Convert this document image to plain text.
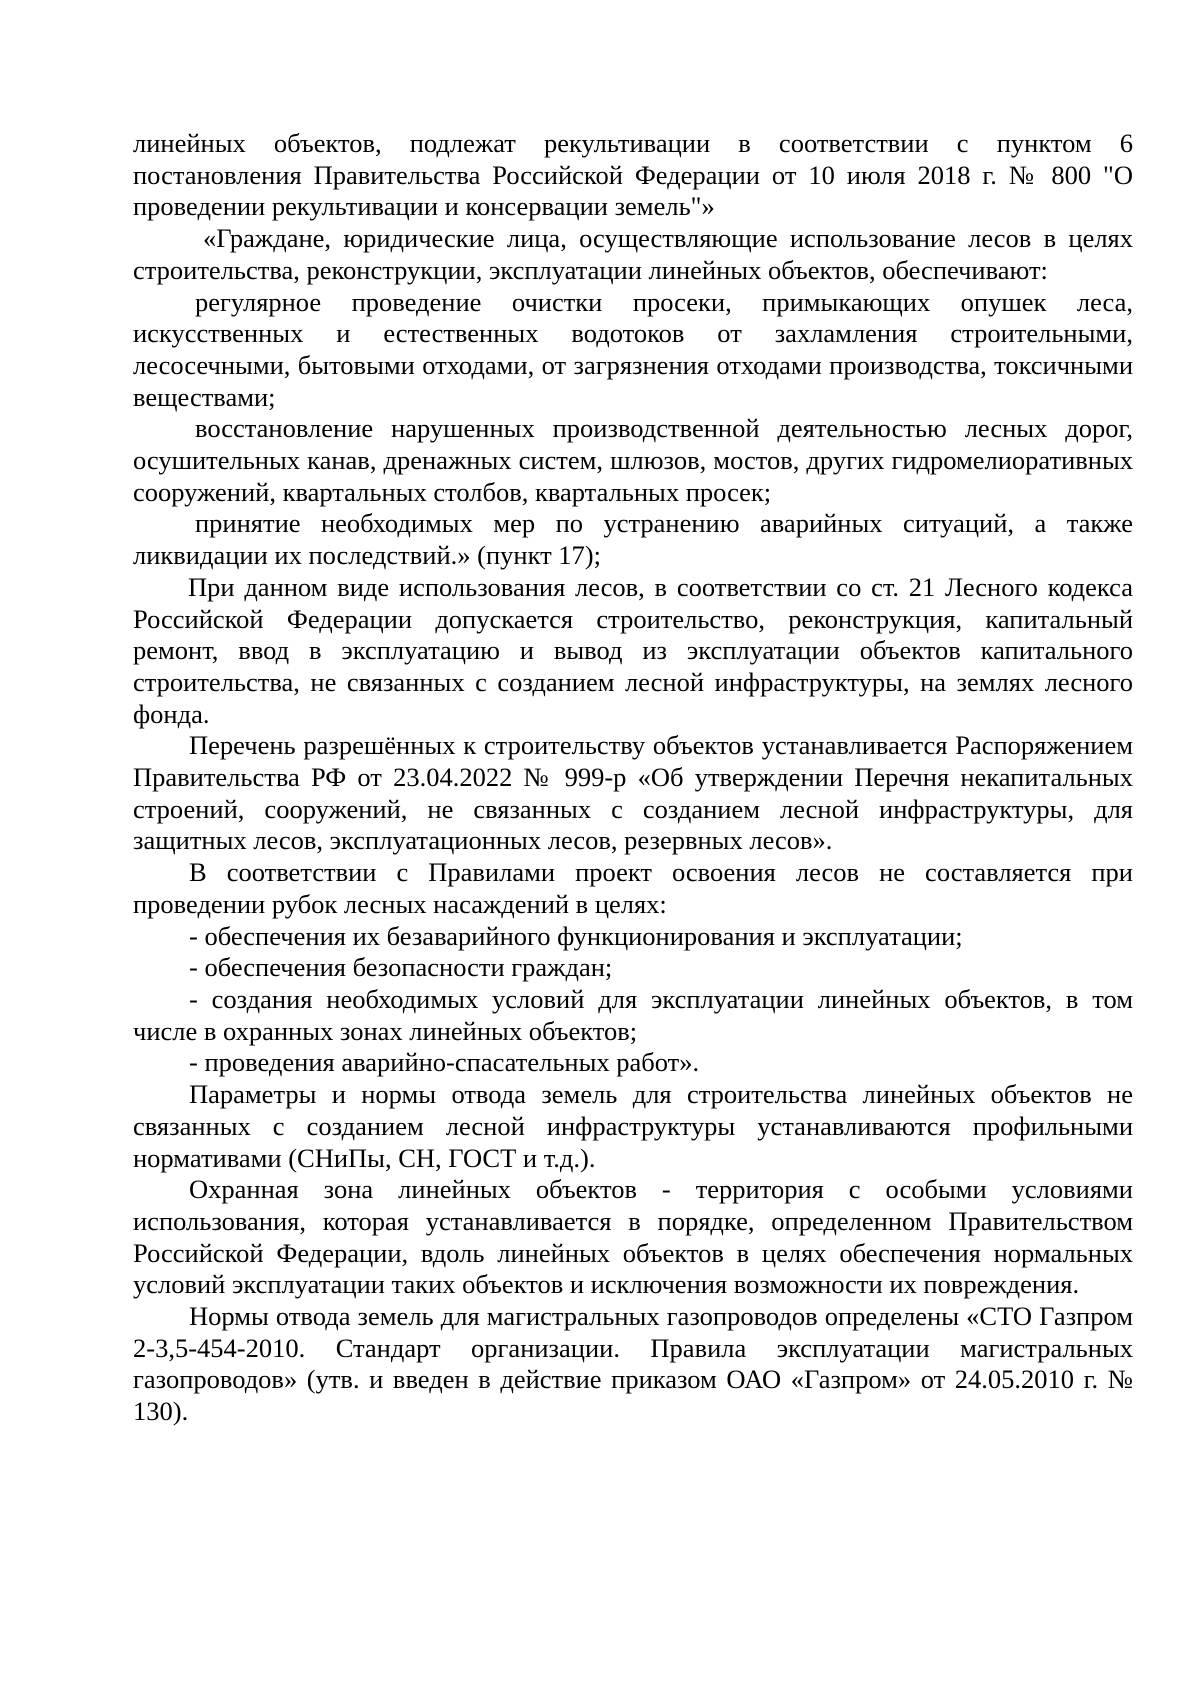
линейных объектов, подлежат рекультивации в соответствии с пунктом 6 постановления Правительства Российской Федерации от 10 июля 2018 г. № 800 "О проведении рекультивации и консервации земель"»

«Граждане, юридические лица, осуществляющие использование лесов в целях строительства, реконструкции, эксплуатации линейных объектов, обеспечивают:

регулярное проведение очистки просеки, примыкающих опушек леса, искусственных и естественных водотоков от захламления строительными, лесосечными, бытовыми отходами, от загрязнения отходами производства, токсичными веществами;

восстановление нарушенных производственной деятельностью лесных дорог, осушительных канав, дренажных систем, шлюзов, мостов, других гидромелиоративных сооружений, квартальных столбов, квартальных просек;

принятие необходимых мер по устранению аварийных ситуаций, а также ликвидации их последствий.» (пункт 17);

При данном виде использования лесов, в соответствии со ст. 21 Лесного кодекса Российской Федерации допускается строительство, реконструкция, капитальный ремонт, ввод в эксплуатацию и вывод из эксплуатации объектов капитального строительства, не связанных с созданием лесной инфраструктуры, на землях лесного фонда.

Перечень разрешённых к строительству объектов устанавливается Распоряжением Правительства РФ от 23.04.2022 № 999-р «Об утверждении Перечня некапитальных строений, сооружений, не связанных с созданием лесной инфраструктуры, для защитных лесов, эксплуатационных лесов, резервных лесов».

В соответствии с Правилами проект освоения лесов не составляется при проведении рубок лесных насаждений в целях:

- обеспечения их безаварийного функционирования и эксплуатации;

- обеспечения безопасности граждан;

- создания необходимых условий для эксплуатации линейных объектов, в том числе в охранных зонах линейных объектов;

- проведения аварийно-спасательных работ».

Параметры и нормы отвода земель для строительства линейных объектов не связанных с созданием лесной инфраструктуры устанавливаются профильными нормативами (СНиПы, СН, ГОСТ и т.д.).

Охранная зона линейных объектов - территория с особыми условиями использования, которая устанавливается в порядке, определенном Правительством Российской Федерации, вдоль линейных объектов в целях обеспечения нормальных условий эксплуатации таких объектов и исключения возможности их повреждения.

Нормы отвода земель для магистральных газопроводов определены «СТО Газпром 2-3,5-454-2010. Стандарт организации. Правила эксплуатации магистральных газопроводов» (утв. и введен в действие приказом ОАО «Газпром» от 24.05.2010 г. № 130).
